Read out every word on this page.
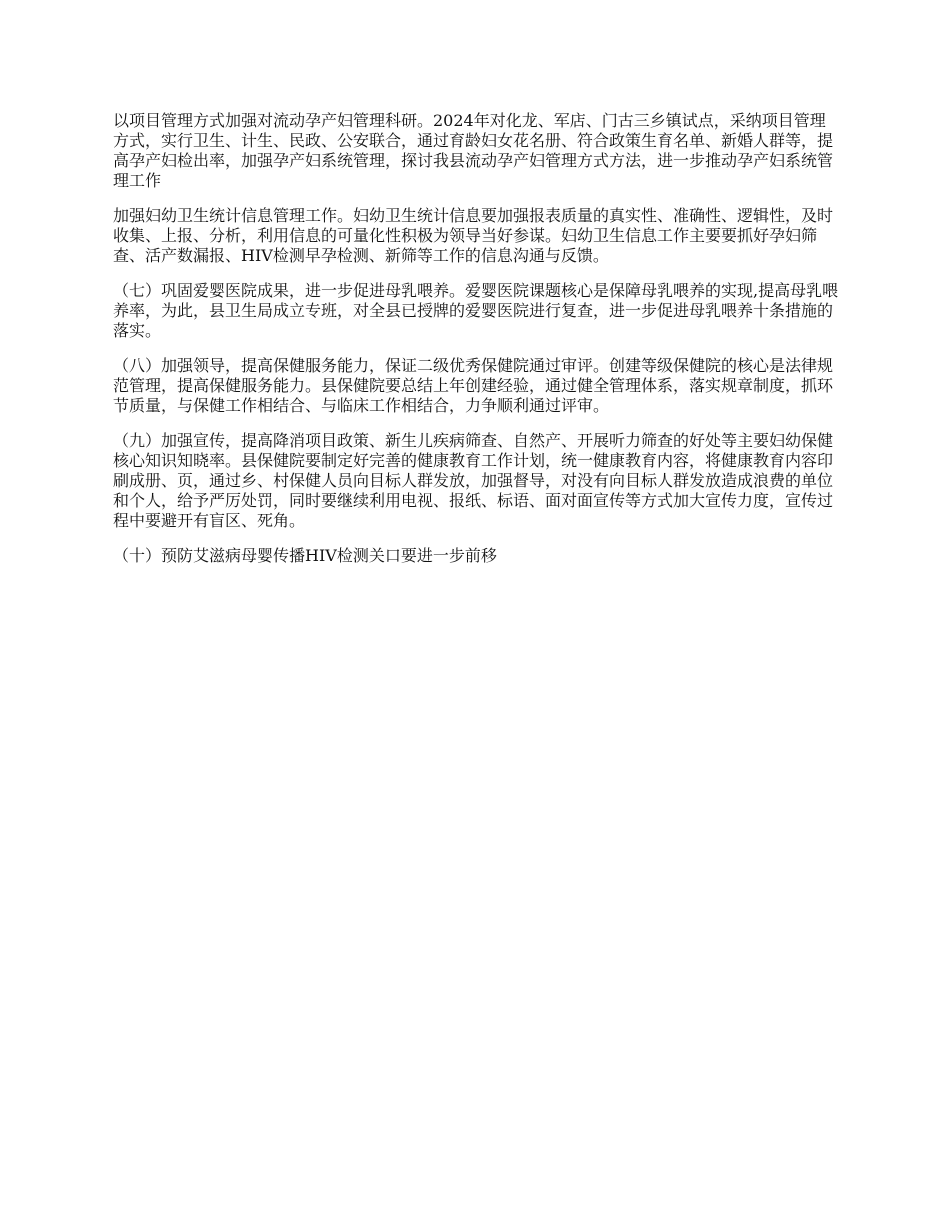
以项目管理方式加强对流动孕产妇管理科研。2024年对化龙、军店、门古三乡镇试点，采纳项目管理方式，实行卫生、计生、民政、公安联合，通过育龄妇女花名册、符合政策生育名单、新婚人群等，提高孕产妇检出率，加强孕产妇系统管理，探讨我县流动孕产妇管理方式方法，进一步推动孕产妇系统管理工作

加强妇幼卫生统计信息管理工作。妇幼卫生统计信息要加强报表质量的真实性、准确性、逻辑性，及时收集、上报、分析，利用信息的可量化性积极为领导当好参谋。妇幼卫生信息工作主要要抓好孕妇筛查、活产数漏报、HIV检测早孕检测、新筛等工作的信息沟通与反馈。

（七）巩固爱婴医院成果，进一步促进母乳喂养。爱婴医院课题核心是保障母乳喂养的实现,提高母乳喂养率，为此，县卫生局成立专班，对全县已授牌的爱婴医院进行复查，进一步促进母乳喂养十条措施的落实。

（八）加强领导，提高保健服务能力，保证二级优秀保健院通过审评。创建等级保健院的核心是法律规范管理，提高保健服务能力。县保健院要总结上年创建经验，通过健全管理体系，落实规章制度，抓环节质量，与保健工作相结合、与临床工作相结合，力争顺利通过评审。

（九）加强宣传，提高降消项目政策、新生儿疾病筛查、自然产、开展听力筛查的好处等主要妇幼保健核心知识知晓率。县保健院要制定好完善的健康教育工作计划，统一健康教育内容，将健康教育内容印刷成册、页，通过乡、村保健人员向目标人群发放，加强督导，对没有向目标人群发放造成浪费的单位和个人，给予严厉处罚，同时要继续利用电视、报纸、标语、面对面宣传等方式加大宣传力度，宣传过程中要避开有盲区、死角。

（十）预防艾滋病母婴传播HIV检测关口要进一步前移
